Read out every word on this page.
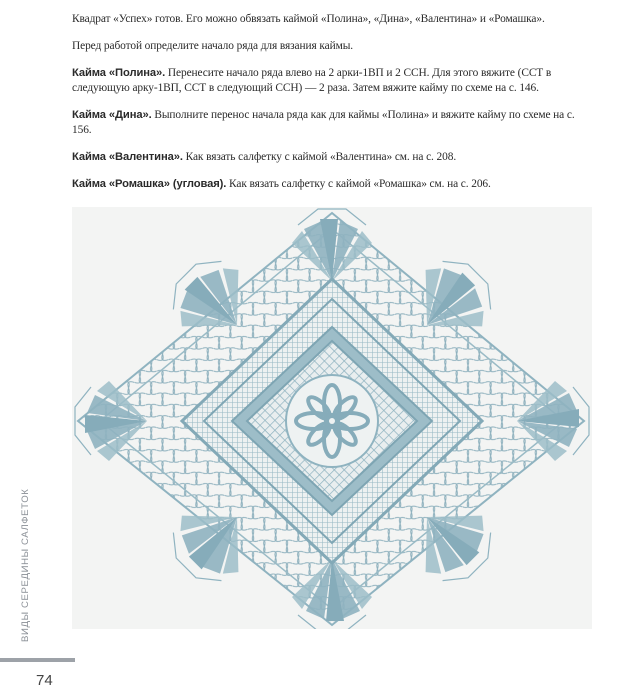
Квадрат «Успех» готов. Его можно обвязать каймой «Полина», «Дина», «Валентина» и «Ромашка».

Перед работой определите начало ряда для вязания каймы.

Кайма «Полина». Перенесите начало ряда влево на 2 арки-1ВП и 2 ССН. Для этого вяжите (ССТ в следующую арку-1ВП, ССТ в следующий ССН) — 2 раза. Затем вяжите кайму по схеме на с. 146.

Кайма «Дина». Выполните перенос начала ряда как для каймы «Полина» и вяжите кайму по схеме на с. 156.

Кайма «Валентина». Как вязать салфетку с каймой «Валентина» см. на с. 208.

Кайма «Ромашка» (угловая). Как вязать салфетку с каймой «Ромашка» см. на с. 206.

ВИДЫ СЕРЕДИНЫ САЛФЕТОК
74
